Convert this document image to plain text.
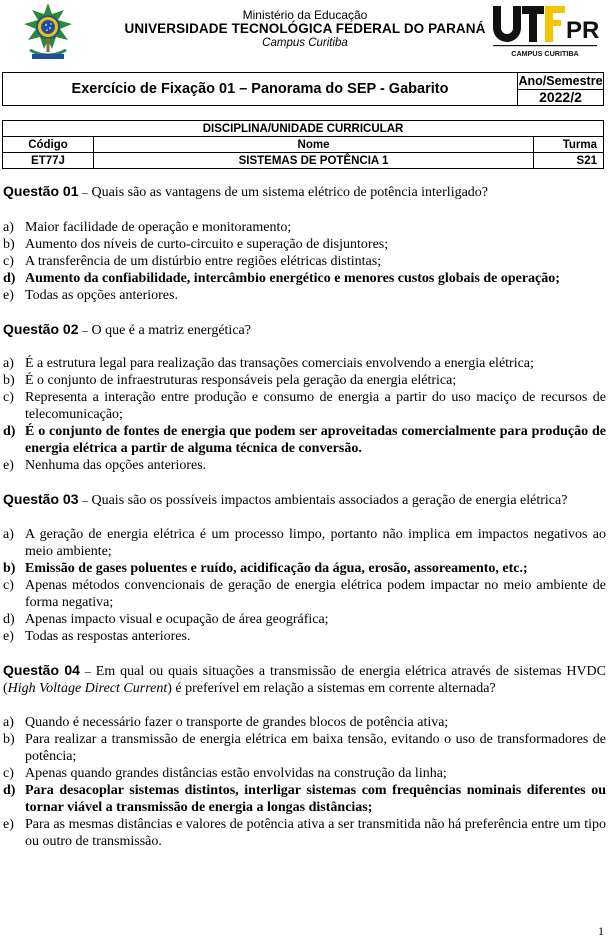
Ministério da Educação
UNIVERSIDADE TECNOLÓGICA FEDERAL DO PARANÁ
Campus Curitiba	PR
CAMPUS CURITIBA
Exercício de Fixação 01 – Panorama do SEP - Gabarito	Ano/Semestre
2022/2
DISCIPLINA/UNIDADE CURRICULAR		
Código	Nome	Turma
ET77J	SISTEMAS DE POTÊNCIA 1	S21
Questão 01 – Quais são as vantagens de um sistema elétrico de potência interligado?
a) Maior facilidade de operação e monitoramento;
b) Aumento dos níveis de curto-circuito e superação de disjuntores;
c) A transferência de um distúrbio entre regiões elétricas distintas;
d) Aumento da confiabilidade, intercâmbio energético e menores custos globais de operação;
e) Todas as opções anteriores.
Questão 02 – O que é a matriz energética?
a) É a estrutura legal para realização das transações comerciais envolvendo a energia elétrica;
b) É o conjunto de infraestruturas responsáveis pela geração da energia elétrica;
c) Representa a interação entre produção e consumo de energia a partir do uso maciço de recursos de telecomunicação;
d) É o conjunto de fontes de energia que podem ser aproveitadas comercialmente para produção de energia elétrica a partir de alguma técnica de conversão.
e) Nenhuma das opções anteriores.
Questão 03 – Quais são os possíveis impactos ambientais associados a geração de energia elétrica?
a) A geração de energia elétrica é um processo limpo, portanto não implica em impactos negativos ao meio ambiente;
b) Emissão de gases poluentes e ruído, acidificação da água, erosão, assoreamento, etc.;
c) Apenas métodos convencionais de geração de energia elétrica podem impactar no meio ambiente de forma negativa;
d) Apenas impacto visual e ocupação de área geográfica;
e) Todas as respostas anteriores.
Questão 04 – Em qual ou quais situações a transmissão de energia elétrica através de sistemas HVDC (High Voltage Direct Current) é preferível em relação a sistemas em corrente alternada?
a) Quando é necessário fazer o transporte de grandes blocos de potência ativa;
b) Para realizar a transmissão de energia elétrica em baixa tensão, evitando o uso de transformadores de potência;
c) Apenas quando grandes distâncias estão envolvidas na construção da linha;
d) Para desacoplar sistemas distintos, interligar sistemas com frequências nominais diferentes ou tornar viável a transmissão de energia a longas distâncias;
e) Para as mesmas distâncias e valores de potência ativa a ser transmitida não há preferência entre um tipo ou outro de transmissão.
1
